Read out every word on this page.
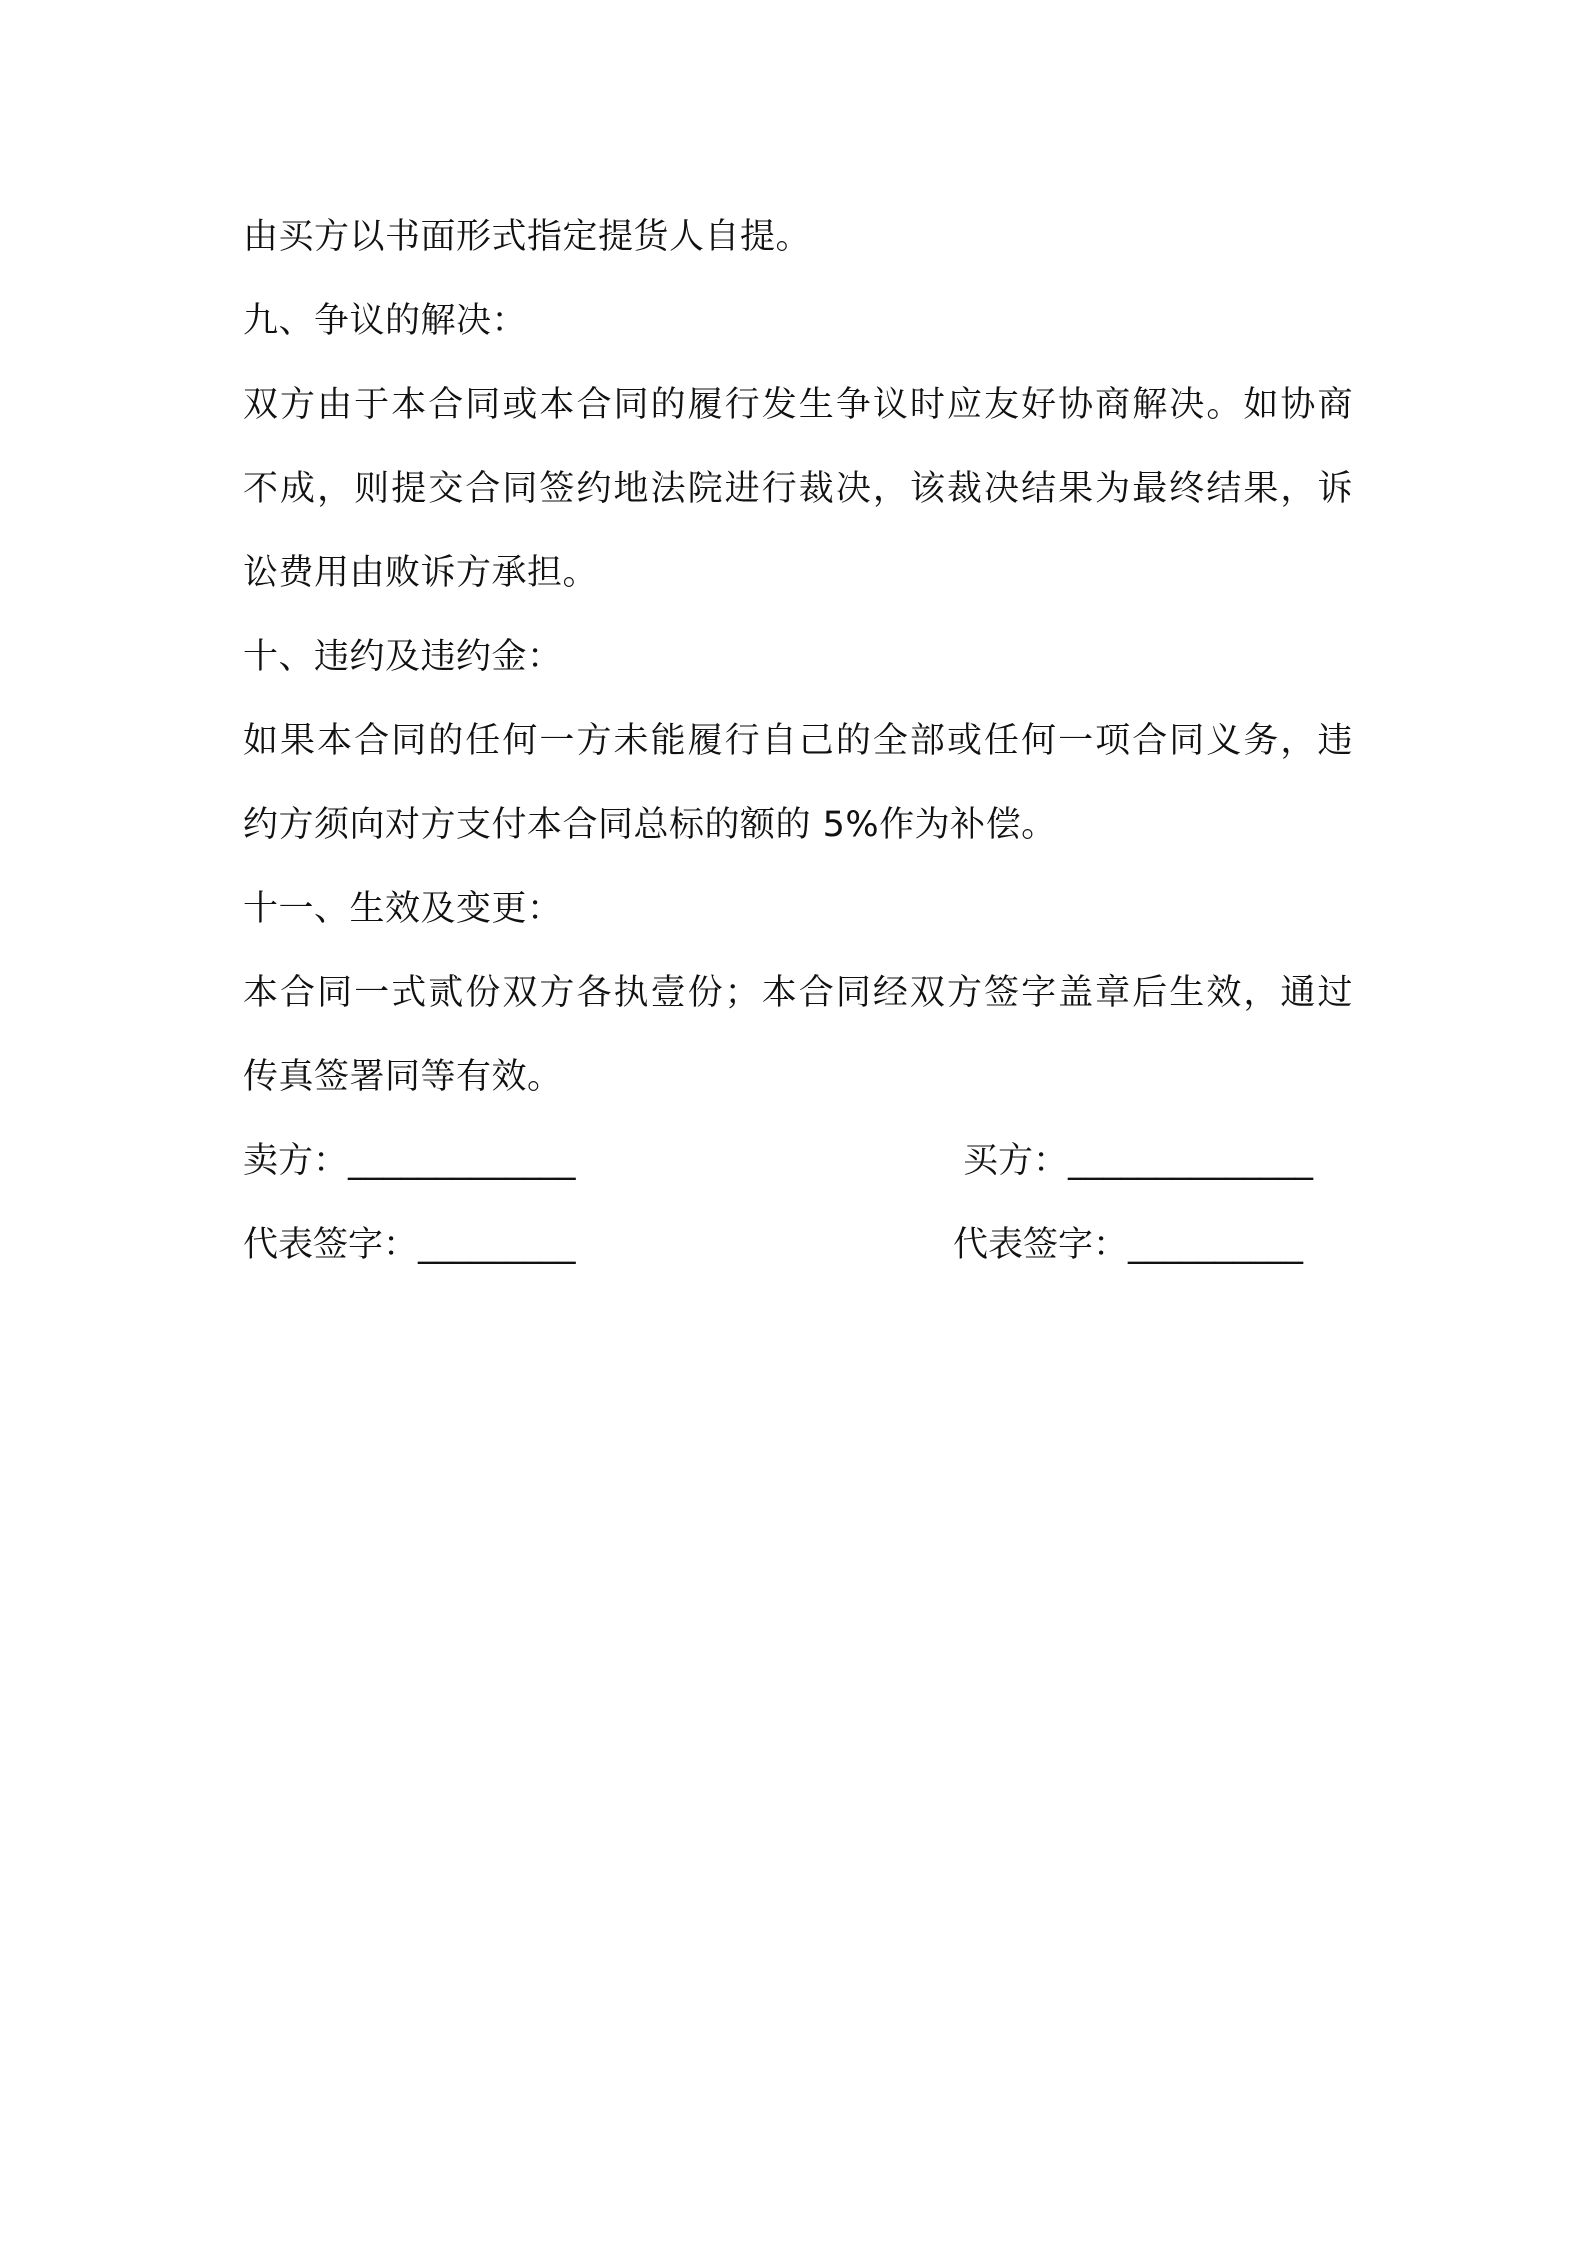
由买方以书面形式指定提货人自提。
九、争议的解决：
双方由于本合同或本合同的履行发生争议时应友好协商解决。如协商
不成，则提交合同签约地法院进行裁决，该裁决结果为最终结果，诉
讼费用由败诉方承担。
十、违约及违约金：
如果本合同的任何一方未能履行自己的全部或任何一项合同义务，违
约方须向对方支付本合同总标的额的 5%作为补偿。
十一、生效及变更：
本合同一式贰份双方各执壹份；本合同经双方签字盖章后生效，通过
传真签署同等有效。
卖方：_____________	买方：______________
代表签字：_________	代表签字：__________
